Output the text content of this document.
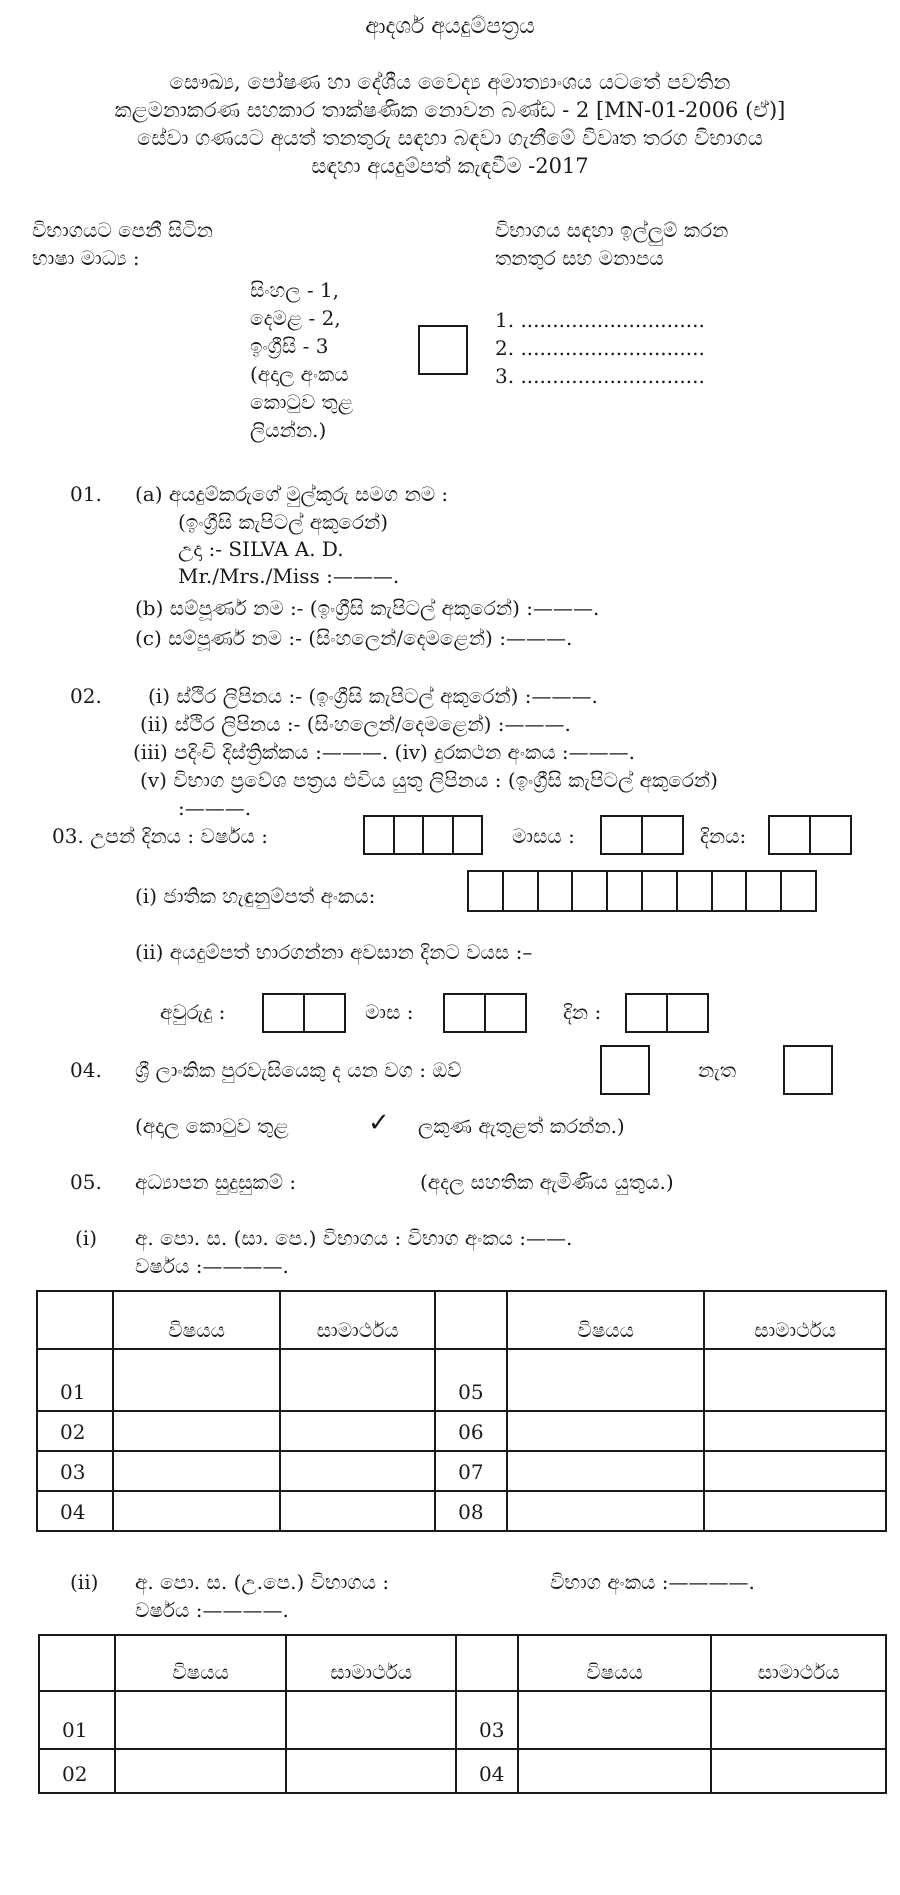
ආදර්ශ අයදුම්පත්‍රය
සෞඛ්‍ය, පෝෂණ හා දේශීය වෛද්‍ය අමාත්‍යාංශය යටතේ පවතින
කළමනාකරණ සහකාර තාක්ෂණික නොවන බණ්ඩ - 2 [MN-01-2006 (ඒ)]
සේවා ගණයට අයත් තනතුරු සඳහා බඳවා ගැනීමේ විවෘත තරග විභාගය
සඳහා අයදුම්පත් කැඳවීම -2017
විභාගයට පෙනී සිටින
භාෂා මාධ්‍ය :
සිංහල - 1,
දෙමළ - 2,
ඉංග්‍රීසි - 3
(අදාල අංකය
කොටුව තුළ
ලියන්න.)
විභාගය සඳහා ඉල්ලුම් කරන
තනතුර සහ මනාපය
1. .............................
2. .............................
3. .............................
01. (a) අයදුම්කරුගේ මුල්කුරු සමග නම :
(ඉංග්‍රීසි කැපිටල් අකුරෙන්)
උදා :- SILVA A. D.
Mr./Mrs./Miss :———.
(b) සම්පූර්ණ නම :- (ඉංග්‍රීසි කැපිටල් අකුරෙන්) :———.
(c) සම්පූර්ණ නම :- (සිංහලෙන්/දෙමළෙන්) :———.
02. (i) ස්ථිර ලිපිනය :- (ඉංග්‍රීසි කැපිටල් අකුරෙන්) :———.
(ii) ස්ථිර ලිපිනය :- (සිංහලෙන්/දෙමළෙන්) :———.
(iii) පදිංචි දිස්ත්‍රික්කය :———. (iv) දුරකථන අංකය :———.
(v) විභාග ප්‍රවේශ පත්‍රය එවිය යුතු ලිපිනය : (ඉංග්‍රීසි කැපිටල් අකුරෙන්)
:———.
03. උපන් දිනය : වර්ෂය :	මාසය :	දිනය:
(i) ජාතික හැඳුනුම්පත් අංකය:
(ii) අයදුම්පත් භාරගන්නා අවසාන දිනට වයස :–
අවුරුදු :	මාස :	දින :
04. ශ්‍රී ලාංකික පුරවැසියෙකු ද යන වග : ඔව්	නැත
(අදාල කොටුව තුළ	✓ ලකුණ ඇතුළත් කරන්න.)
05. අධ්‍යාපන සුදුසුකම් :	(අදල සහතික ඇමිණිය යුතුය.)
(i) අ. පො. ස. (සා. පෙ.) විභාගය : විභාග අංකය :——.
වර්ෂය :————.
	විෂයය	සාමාර්ථය		විෂයය	සාමාර්ථය
01			05		
02			06		
03			07		
04			08		
(ii) අ. පො. ස. (උ.පෙ.) විභාගය :	විභාග අංකය :————.
වර්ෂය :————.
	විෂයය	සාමාර්ථය		විෂයය	සාමාර්ථය
01			03		
02			04		
